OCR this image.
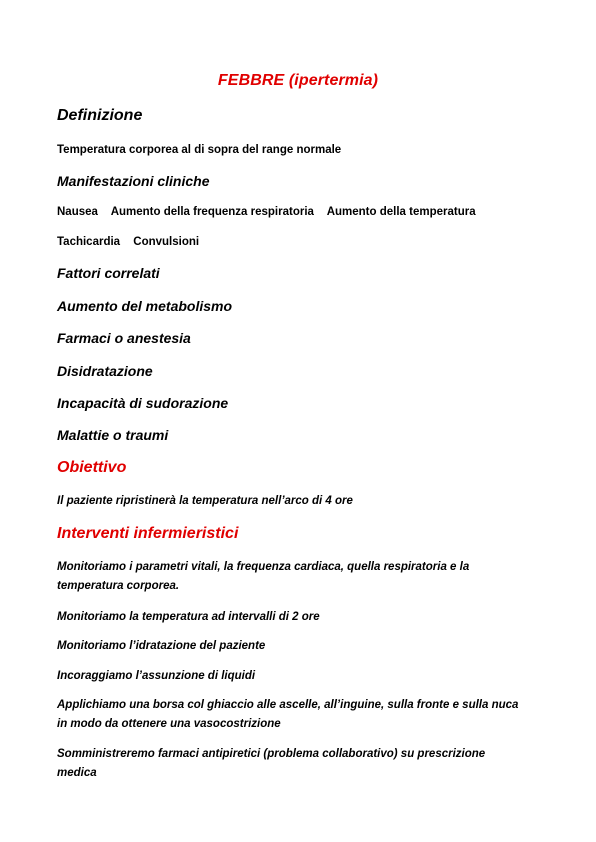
FEBBRE (ipertermia)
Definizione
Temperatura corporea al di sopra del range normale
Manifestazioni cliniche
Nausea Aumento della frequenza respiratoria Aumento della temperatura
Tachicardia Convulsioni
Fattori correlati
Aumento del metabolismo
Farmaci o anestesia
Disidratazione
Incapacità di sudorazione
Malattie o traumi
Obiettivo
Il paziente ripristinerà la temperatura nell’arco di 4 ore
Interventi infermieristici
Monitoriamo i parametri vitali, la frequenza cardiaca, quella respiratoria e la temperatura corporea.
Monitoriamo la temperatura ad intervalli di 2 ore
Monitoriamo l’idratazione del paziente
Incoraggiamo l’assunzione di liquidi
Applichiamo una borsa col ghiaccio alle ascelle, all’inguine, sulla fronte e sulla nuca in modo da ottenere una vasocostrizione
Somministreremo farmaci antipiretici (problema collaborativo) su prescrizione medica
